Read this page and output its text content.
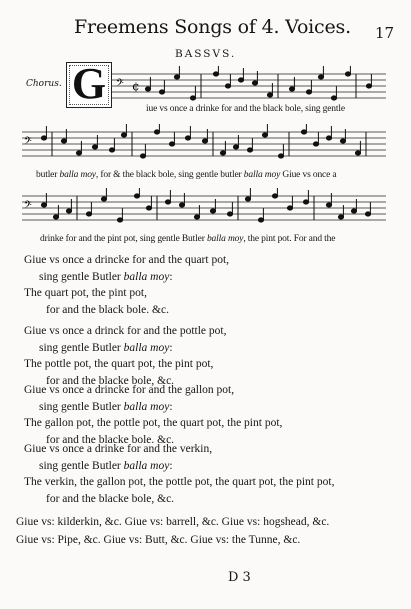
Freemens Songs of 4. Voices. 17
BASSVS.
Chorus. G 𝄢 ¢
iue vs once a drinke for and the black bole, sing gentle
𝄢
butler balla moy, for & the black bole, sing gentle butler balla moy Giue vs once a
𝄢
drinke for and the pint pot, sing gentle Butler balla moy, the pint pot. For and the
Giue vs once a drincke for and the quart pot,
sing gentle Butler balla moy:
The quart pot, the pint pot,
for and the black bole. &c.
Giue vs once a drinck for and the pottle pot,
sing gentle Butler balla moy:
The pottle pot, the quart pot, the pint pot,
for and the blacke bole, &c.
Giue vs once a drincke for and the gallon pot,
sing gentle Butler balla moy:
The gallon pot, the pottle pot, the quart pot, the pint pot,
for and the blacke bole. &c.
Giue vs once a drinke for and the verkin,
sing gentle Butler balla moy:
The verkin, the gallon pot, the pottle pot, the quart pot, the pint pot,
for and the blacke bole, &c.
Giue vs: kilderkin, &c. Giue vs: barrell, &c. Giue vs: hogshead, &c.
Giue vs: Pipe, &c. Giue vs: Butt, &c. Giue vs: the Tunne, &c.
D 3
